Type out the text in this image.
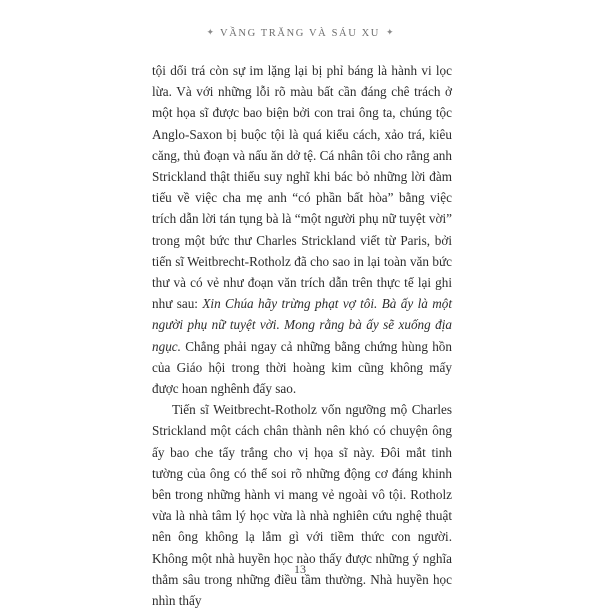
✦ VẦNG TRĂNG VÀ SÁU XU ✦

tội dối trá còn sự im lặng lại bị phỉ báng là hành vi lọc lừa. Và với những lỗi rõ màu bất cần đáng chê trách ở một họa sĩ được bao biện bởi con trai ông ta, chúng tộc Anglo-Saxon bị buộc tội là quá kiểu cách, xảo trá, kiêu căng, thủ đoạn và nấu ăn dở tệ. Cá nhân tôi cho rằng anh Strickland thật thiếu suy nghĩ khi bác bỏ những lời đàm tiếu về việc cha mẹ anh “có phần bất hòa” bằng việc trích dẫn lời tán tụng bà là “một người phụ nữ tuyệt vời” trong một bức thư Charles Strickland viết từ Paris, bởi tiến sĩ Weitbrecht-Rotholz đã cho sao in lại toàn văn bức thư và có vẻ như đoạn văn trích dẫn trên thực tế lại ghi như sau: Xin Chúa hãy trừng phạt vợ tôi. Bà ấy là một người phụ nữ tuyệt vời. Mong rằng bà ấy sẽ xuống địa ngục. Chẳng phải ngay cả những bằng chứng hùng hồn của Giáo hội trong thời hoàng kim cũng không mấy được hoan nghênh đấy sao.

Tiến sĩ Weitbrecht-Rotholz vốn ngưỡng mộ Charles Strickland một cách chân thành nên khó có chuyện ông ấy bao che tẩy trắng cho vị họa sĩ này. Đôi mắt tinh tường của ông có thể soi rõ những động cơ đáng khinh bên trong những hành vi mang vẻ ngoài vô tội. Rotholz vừa là nhà tâm lý học vừa là nhà nghiên cứu nghệ thuật nên ông không lạ lắm gì với tiềm thức con người. Không một nhà huyền học nào thấy được những ý nghĩa thẳm sâu trong những điều tầm thường. Nhà huyền học nhìn thấy

13
